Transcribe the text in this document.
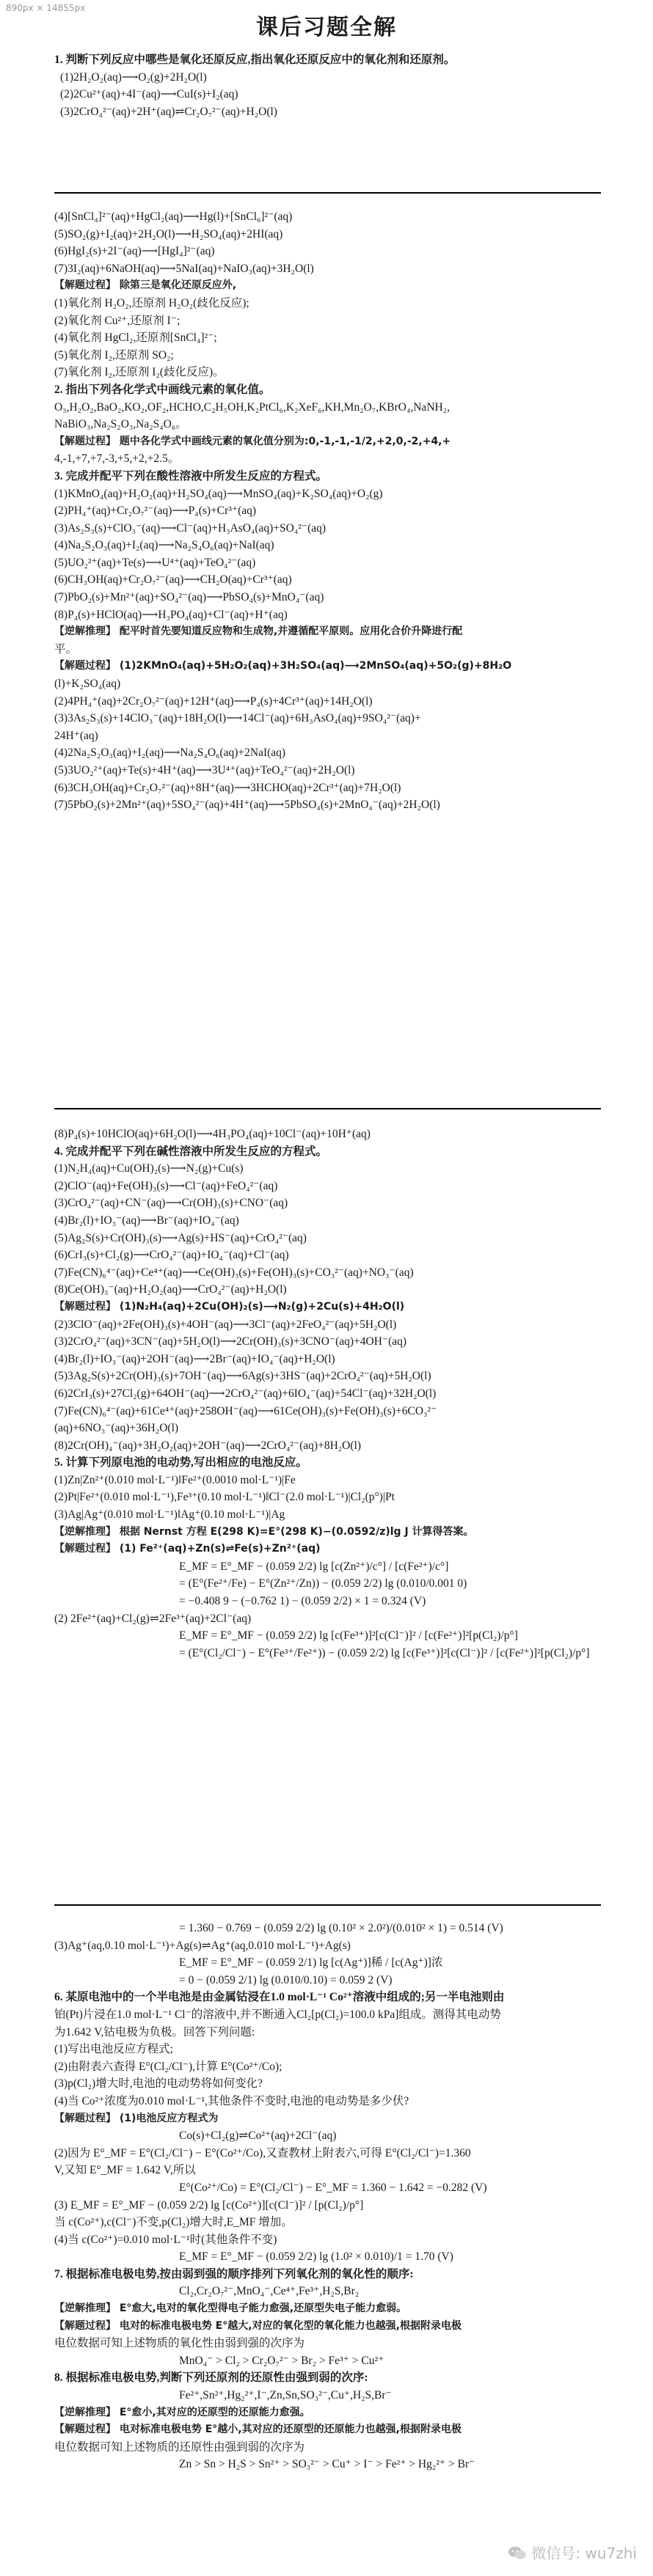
890px × 14855px
课后习题全解
1. 判断下列反应中哪些是氧化还原反应,指出氧化还原反应中的氧化剂和还原剂。
(1)2H₂O₂(aq)⟶O₂(g)+2H₂O(l)
(2)2Cu²⁺(aq)+4I⁻(aq)⟶CuI(s)+I₂(aq)
(3)2CrO₄²⁻(aq)+2H⁺(aq)⇌Cr₂O₇²⁻(aq)+H₂O(l)
(4)[SnCl₄]²⁻(aq)+HgCl₂(aq)⟶Hg(l)+[SnCl₆]²⁻(aq)
(5)SO₂(g)+I₂(aq)+2H₂O(l)⟶H₂SO₄(aq)+2HI(aq)
(6)HgI₂(s)+2I⁻(aq)⟶[HgI₄]²⁻(aq)
(7)3I₂(aq)+6NaOH(aq)⟶5NaI(aq)+NaIO₃(aq)+3H₂O(l)
【解题过程】 除第三是氧化还原反应外,
(1)氧化剂 H₂O₂,还原剂 H₂O₂(歧化反应);
(2)氧化剂 Cu²⁺,还原剂 I⁻;
(4)氧化剂 HgCl₂,还原剂[SnCl₄]²⁻;
(5)氧化剂 I₂,还原剂 SO₂;
(7)氧化剂 I₂,还原剂 I₂(歧化反应)。
2. 指出下列各化学式中画线元素的氧化值。
O₃,H₂O₂,BaO₂,KO₂,OF₂,HCHO,C₂H₅OH,K₂PtCl₆,K₂XeF₆,KH,Mn₂O₇,KBrO₄,NaNH₂,
NaBiO₃,Na₂S₂O₃,Na₂S₄O₆。
【解题过程】 题中各化学式中画线元素的氧化值分别为:0,-1,-1,-1/2,+2,0,-2,+4,+
4,-1,+7,+7,-3,+5,+2,+2.5。
3. 完成并配平下列在酸性溶液中所发生反应的方程式。
(1)KMnO₄(aq)+H₂O₂(aq)+H₂SO₄(aq)⟶MnSO₄(aq)+K₂SO₄(aq)+O₂(g)
(2)PH₄⁺(aq)+Cr₂O₇²⁻(aq)⟶P₄(s)+Cr³⁺(aq)
(3)As₂S₃(s)+ClO₃⁻(aq)⟶Cl⁻(aq)+H₃AsO₄(aq)+SO₄²⁻(aq)
(4)Na₂S₂O₃(aq)+I₂(aq)⟶Na₂S₄O₆(aq)+NaI(aq)
(5)UO₂²⁺(aq)+Te(s)⟶U⁴⁺(aq)+TeO₄²⁻(aq)
(6)CH₃OH(aq)+Cr₂O₇²⁻(aq)⟶CH₂O(aq)+Cr³⁺(aq)
(7)PbO₂(s)+Mn²⁺(aq)+SO₄²⁻(aq)⟶PbSO₄(s)+MnO₄⁻(aq)
(8)P₄(s)+HClO(aq)⟶H₃PO₄(aq)+Cl⁻(aq)+H⁺(aq)
【逆解推理】 配平时首先要知道反应物和生成物,并遵循配平原则。应用化合价升降进行配
平。
【解题过程】 (1)2KMnO₄(aq)+5H₂O₂(aq)+3H₂SO₄(aq)⟶2MnSO₄(aq)+5O₂(g)+8H₂O
(l)+K₂SO₄(aq)
(2)4PH₄⁺(aq)+2Cr₂O₇²⁻(aq)+12H⁺(aq)⟶P₄(s)+4Cr³⁺(aq)+14H₂O(l)
(3)3As₂S₃(s)+14ClO₃⁻(aq)+18H₂O(l)⟶14Cl⁻(aq)+6H₃AsO₄(aq)+9SO₄²⁻(aq)+
24H⁺(aq)
(4)2Na₂S₂O₃(aq)+I₂(aq)⟶Na₂S₄O₆(aq)+2NaI(aq)
(5)3UO₂²⁺(aq)+Te(s)+4H⁺(aq)⟶3U⁴⁺(aq)+TeO₄²⁻(aq)+2H₂O(l)
(6)3CH₃OH(aq)+Cr₂O₇²⁻(aq)+8H⁺(aq)⟶3HCHO(aq)+2Cr³⁺(aq)+7H₂O(l)
(7)5PbO₂(s)+2Mn²⁺(aq)+5SO₄²⁻(aq)+4H⁺(aq)⟶5PbSO₄(s)+2MnO₄⁻(aq)+2H₂O(l)
(8)P₄(s)+10HClO(aq)+6H₂O(l)⟶4H₃PO₄(aq)+10Cl⁻(aq)+10H⁺(aq)
4. 完成并配平下列在碱性溶液中所发生反应的方程式。
(1)N₂H₄(aq)+Cu(OH)₂(s)⟶N₂(g)+Cu(s)
(2)ClO⁻(aq)+Fe(OH)₃(s)⟶Cl⁻(aq)+FeO₄²⁻(aq)
(3)CrO₄²⁻(aq)+CN⁻(aq)⟶Cr(OH)₃(s)+CNO⁻(aq)
(4)Br₂(l)+IO₃⁻(aq)⟶Br⁻(aq)+IO₄⁻(aq)
(5)Ag₂S(s)+Cr(OH)₃(s)⟶Ag(s)+HS⁻(aq)+CrO₄²⁻(aq)
(6)CrI₃(s)+Cl₂(g)⟶CrO₄²⁻(aq)+IO₄⁻(aq)+Cl⁻(aq)
(7)Fe(CN)₆⁴⁻(aq)+Ce⁴⁺(aq)⟶Ce(OH)₃(s)+Fe(OH)₃(s)+CO₃²⁻(aq)+NO₃⁻(aq)
(8)Ce(OH)₃⁻(aq)+H₂O₂(aq)⟶CrO₄²⁻(aq)+H₂O(l)
【解题过程】 (1)N₂H₄(aq)+2Cu(OH)₂(s)⟶N₂(g)+2Cu(s)+4H₂O(l)
(2)3ClO⁻(aq)+2Fe(OH)₃(s)+4OH⁻(aq)⟶3Cl⁻(aq)+2FeO₄²⁻(aq)+5H₂O(l)
(3)2CrO₄²⁻(aq)+3CN⁻(aq)+5H₂O(l)⟶2Cr(OH)₃(s)+3CNO⁻(aq)+4OH⁻(aq)
(4)Br₂(l)+IO₃⁻(aq)+2OH⁻(aq)⟶2Br⁻(aq)+IO₄⁻(aq)+H₂O(l)
(5)3Ag₂S(s)+2Cr(OH)₃(s)+7OH⁻(aq)⟶6Ag(s)+3HS⁻(aq)+2CrO₄²⁻(aq)+5H₂O(l)
(6)2CrI₃(s)+27Cl₂(g)+64OH⁻(aq)⟶2CrO₄²⁻(aq)+6IO₄⁻(aq)+54Cl⁻(aq)+32H₂O(l)
(7)Fe(CN)₆⁴⁻(aq)+61Ce⁴⁺(aq)+258OH⁻(aq)⟶61Ce(OH)₃(s)+Fe(OH)₃(s)+6CO₃²⁻
(aq)+6NO₃⁻(aq)+36H₂O(l)
(8)2Cr(OH)₄⁻(aq)+3H₂O₂(aq)+2OH⁻(aq)⟶2CrO₄²⁻(aq)+8H₂O(l)
5. 计算下列原电池的电动势,写出相应的电池反应。
(1)Zn|Zn²⁺(0.010 mol·L⁻¹)‖Fe²⁺(0.0010 mol·L⁻¹)|Fe
(2)Pt|Fe²⁺(0.010 mol·L⁻¹),Fe³⁺(0.10 mol·L⁻¹)‖Cl⁻(2.0 mol·L⁻¹)|Cl₂(p°)|Pt
(3)Ag|Ag⁺(0.010 mol·L⁻¹)‖Ag⁺(0.10 mol·L⁻¹)|Ag
【逆解推理】 根据 Nernst 方程 E(298 K)=E°(298 K)−(0.0592/z)lg J 计算得答案。
【解题过程】 (1) Fe²⁺(aq)+Zn(s)⇌Fe(s)+Zn²⁺(aq)
E_MF = E°_MF − (0.059 2/2) lg [c(Zn²⁺)/c°] / [c(Fe²⁺)/c°]
= (E°(Fe²⁺/Fe) − E°(Zn²⁺/Zn)) − (0.059 2/2) lg (0.010/0.001 0)
= −0.408 9 − (−0.762 1) − (0.059 2/2) × 1 = 0.324 (V)
(2) 2Fe²⁺(aq)+Cl₂(g)⇌2Fe³⁺(aq)+2Cl⁻(aq)
E_MF = E°_MF − (0.059 2/2) lg [c(Fe³⁺)]²[c(Cl⁻)]² / [c(Fe²⁺)]²[p(Cl₂)/p°]
= (E°(Cl₂/Cl⁻) − E°(Fe³⁺/Fe²⁺)) − (0.059 2/2) lg [c(Fe³⁺)]²[c(Cl⁻)]² / [c(Fe²⁺)]²[p(Cl₂)/p°]
= 1.360 − 0.769 − (0.059 2/2) lg (0.10² × 2.0²)/(0.010² × 1) = 0.514 (V)
(3)Ag⁺(aq,0.10 mol·L⁻¹)+Ag(s)⇌Ag⁺(aq,0.010 mol·L⁻¹)+Ag(s)
E_MF = E°_MF − (0.059 2/1) lg [c(Ag⁺)]稀 / [c(Ag⁺)]浓
= 0 − (0.059 2/1) lg (0.010/0.10) = 0.059 2 (V)
6. 某原电池中的一个半电池是由金属钴浸在1.0 mol·L⁻¹ Co²⁺溶液中组成的;另一半电池则由
铂(Pt)片浸在1.0 mol·L⁻¹ Cl⁻的溶液中,并不断通入Cl₂[p(Cl₂)=100.0 kPa]组成。测得其电动势
为1.642 V,钴电极为负极。回答下列问题:
(1)写出电池反应方程式;
(2)由附表六查得 E°(Cl₂/Cl⁻),计算 E°(Co²⁺/Co);
(3)p(Cl₂)增大时,电池的电动势将如何变化?
(4)当 Co²⁺浓度为0.010 mol·L⁻¹,其他条件不变时,电池的电动势是多少伏?
【解题过程】 (1)电池反应方程式为
Co(s)+Cl₂(g)⇌Co²⁺(aq)+2Cl⁻(aq)
(2)因为 E°_MF = E°(Cl₂/Cl⁻) − E°(Co²⁺/Co),又查教材上附表六,可得 E°(Cl₂/Cl⁻)=1.360
V,又知 E°_MF = 1.642 V,所以
E°(Co²⁺/Co) = E°(Cl₂/Cl⁻) − E°_MF = 1.360 − 1.642 = −0.282 (V)
(3) E_MF = E°_MF − (0.059 2/2) lg [c(Co²⁺)][c(Cl⁻)]² / [p(Cl₂)/p°]
当 c(Co²⁺),c(Cl⁻)不变,p(Cl₂)增大时,E_MF 增加。
(4)当 c(Co²⁺)=0.010 mol·L⁻¹时(其他条件不变)
E_MF = E°_MF − (0.059 2/2) lg (1.0² × 0.010)/1 = 1.70 (V)
7. 根据标准电极电势,按由弱到强的顺序排列下列氧化剂的氧化性的顺序:
Cl₂,Cr₂O₇²⁻,MnO₄⁻,Ce⁴⁺,Fe³⁺,H₂S,Br₂
【逆解推理】 E°愈大,电对的氧化型得电子能力愈强,还原型失电子能力愈弱。
【解题过程】 电对的标准电极电势 E°越大,对应的氧化型的氧化能力也越强,根据附录电极
电位数据可知上述物质的氧化性由弱到强的次序为
MnO₄⁻ > Cl₂ > Cr₂O₇²⁻ > Br₂ > Fe³⁺ > Cu²⁺
8. 根据标准电极电势,判断下列还原剂的还原性由强到弱的次序:
Fe²⁺,Sn²⁺,Hg₂²⁺,I⁻,Zn,Sn,SO₃²⁻,Cu⁺,H₂S,Br⁻
【逆解推理】 E°愈小,其对应的还原型的还原能力愈强。
【解题过程】 电对标准电极电势 E°越小,其对应的还原型的还原能力也越强,根据附录电极
电位数据可知上述物质的还原性由强到弱的次序为
Zn > Sn > H₂S > Sn²⁺ > SO₃²⁻ > Cu⁺ > I⁻ > Fe²⁺ > Hg₂²⁺ > Br⁻
微信号: wu7zhi
